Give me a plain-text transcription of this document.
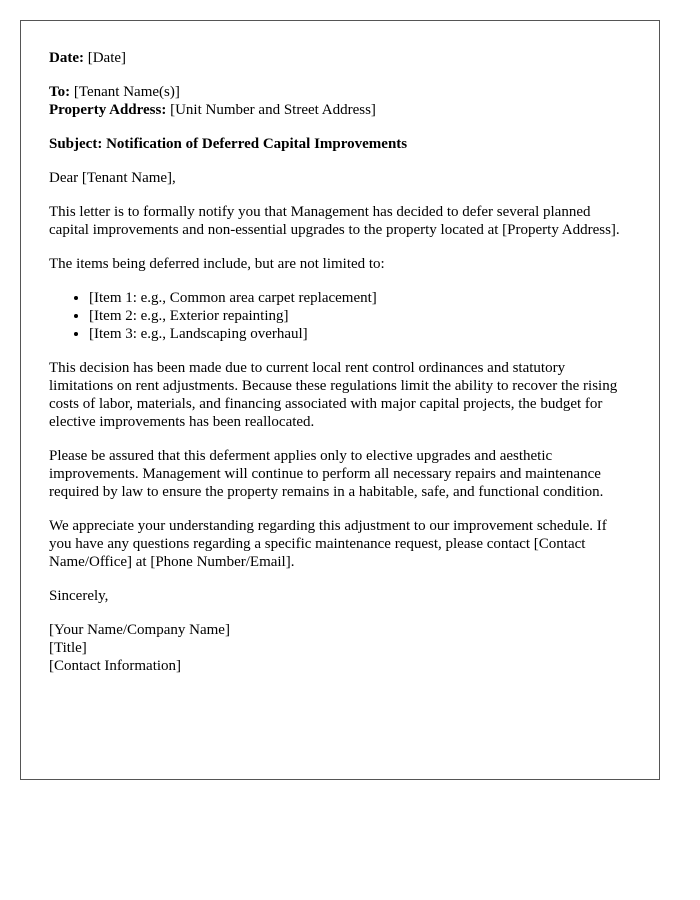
Date: [Date]

To: [Tenant Name(s)]

Property Address: [Unit Number and Street Address]

Subject: Notification of Deferred Capital Improvements

Dear [Tenant Name],

This letter is to formally notify you that Management has decided to defer several planned capital improvements and non-essential upgrades to the property located at [Property Address].

The items being deferred include, but are not limited to:

• [Item 1: e.g., Common area carpet replacement]
• [Item 2: e.g., Exterior repainting]
• [Item 3: e.g., Landscaping overhaul]

This decision has been made due to current local rent control ordinances and statutory limitations on rent adjustments. Because these regulations limit the ability to recover the rising costs of labor, materials, and financing associated with major capital projects, the budget for elective improvements has been reallocated.

Please be assured that this deferment applies only to elective upgrades and aesthetic improvements. Management will continue to perform all necessary repairs and maintenance required by law to ensure the property remains in a habitable, safe, and functional condition.

We appreciate your understanding regarding this adjustment to our improvement schedule. If you have any questions regarding a specific maintenance request, please contact [Contact Name/Office] at [Phone Number/Email].

Sincerely,

[Your Name/Company Name]

[Title]

[Contact Information]
